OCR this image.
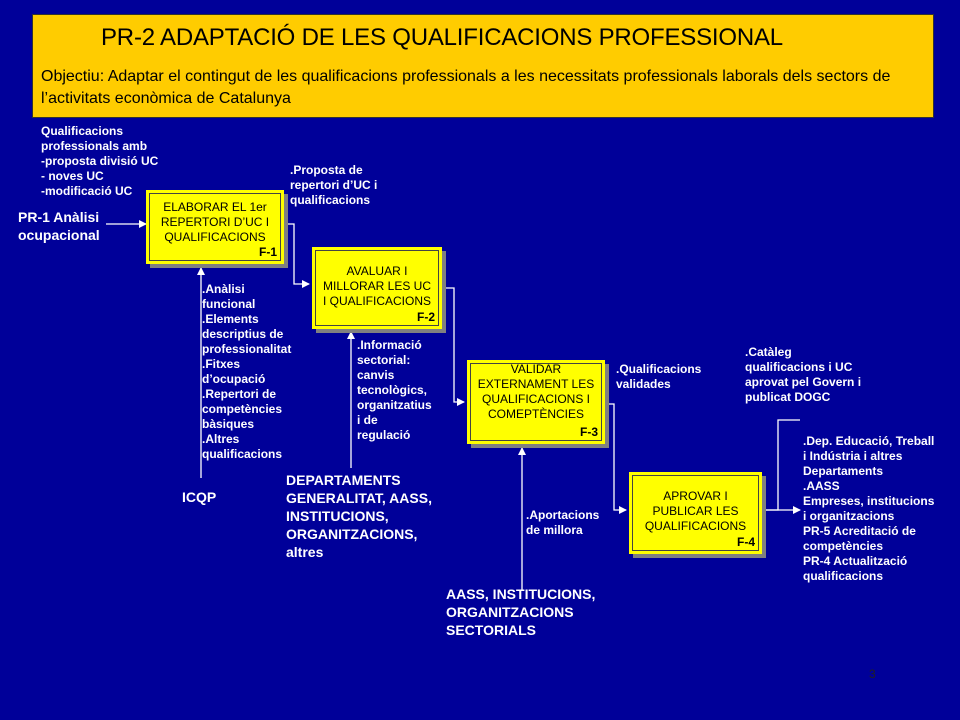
PR-2 ADAPTACIÓ DE LES QUALIFICACIONS PROFESSIONAL
Objectiu: Adaptar el contingut de les qualificacions professionals a les necessitats professionals laborals dels sectors de l’activitats econòmica de Catalunya
ELABORAR EL 1er
REPERTORI D’UC I
QUALIFICACIONS
F-1
AVALUAR I
MILLORAR LES UC
I QUALIFICACIONS
F-2
VALIDAR
EXTERNAMENT LES
QUALIFICACIONS I
COMEPTÈNCIES
F-3
APROVAR I
PUBLICAR LES
QUALIFICACIONS
F-4
Qualificacions
professionals amb
-proposta divisió UC
- noves UC
-modificació UC
PR-1 Anàlisi
ocupacional
.Proposta de
repertori d’UC i
qualificacions
.Anàlisi
funcional
.Elements
descriptius de
professionalitat
.Fitxes
d’ocupació
.Repertori de
competències
bàsiques
.Altres
qualificacions
ICQP
.Informació
sectorial:
canvis
tecnològics,
organitzatius
i de
regulació
DEPARTAMENTS
GENERALITAT, AASS,
INSTITUCIONS,
ORGANITZACIONS,
altres
.Qualificacions
validades
.Aportacions
de millora
AASS, INSTITUCIONS,
ORGANITZACIONS
SECTORIALS
.Catàleg
qualificacions i UC
aprovat pel Govern i
publicat DOGC
.Dep. Educació, Treball
i Indústria i altres
Departaments
.AASS
Empreses, institucions
i organitzacions
PR-5 Acreditació de
competències
PR-4 Actualització
qualificacions
3
